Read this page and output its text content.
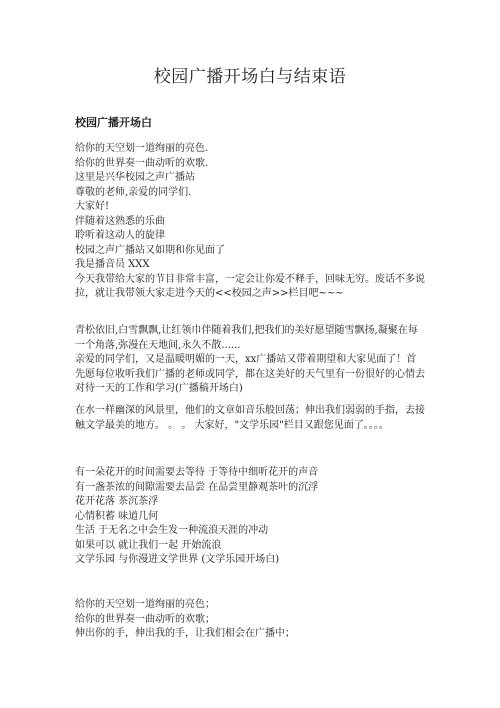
校园广播开场白与结束语
校园广播开场白
给你的天空划一道绚丽的亮色.
给你的世界奏一曲动听的欢歌.
这里是兴华校园之声广播站
尊敬的老师,亲爱的同学们.
大家好!
伴随着这熟悉的乐曲
聆听着这动人的旋律
校园之声广播站又如期和你见面了
我是播音员 XXX
今天我带给大家的节目非常丰富，一定会让你爱不释手，回味无穷。废话不多说拉，就让我带领大家走进今天的<<校园之声>>栏目吧~~~
青松依旧,白雪飘飘,让红领巾伴随着我们,把我们的美好愿望随雪飘扬,凝聚在每一个角落,弥漫在天地间,永久不散......
亲爱的同学们，又是温暖明媚的一天，xx广播站又带着期望和大家见面了！首先愿每位收听我们广播的老师或同学，都在这美好的天气里有一份很好的心情去对待一天的工作和学习(广播稿开场白)
在水一样幽深的风景里，他们的文章如音乐般回荡；伸出我们弱弱的手指，去接触文学最美的地方。 。 。 大家好，"文学乐园"栏目又跟您见面了。。。。
有一朵花开的时间需要去等待 于等待中细听花开的声音
有一盏茶浓的间隙需要去品尝 在品尝里静观茶叶的沉浮
花开花落 茶沉茶浮
心情积蓄 味道几何
生活 于无名之中会生发一种流浪天涯的冲动
如果可以 就让我们一起 开始流浪
文学乐园 与你漫进文学世界 (文学乐园开场白)
给你的天空划一道绚丽的亮色；
给你的世界奏一曲动听的欢歌；
伸出你的手，伸出我的手，让我们相会在广播中；
